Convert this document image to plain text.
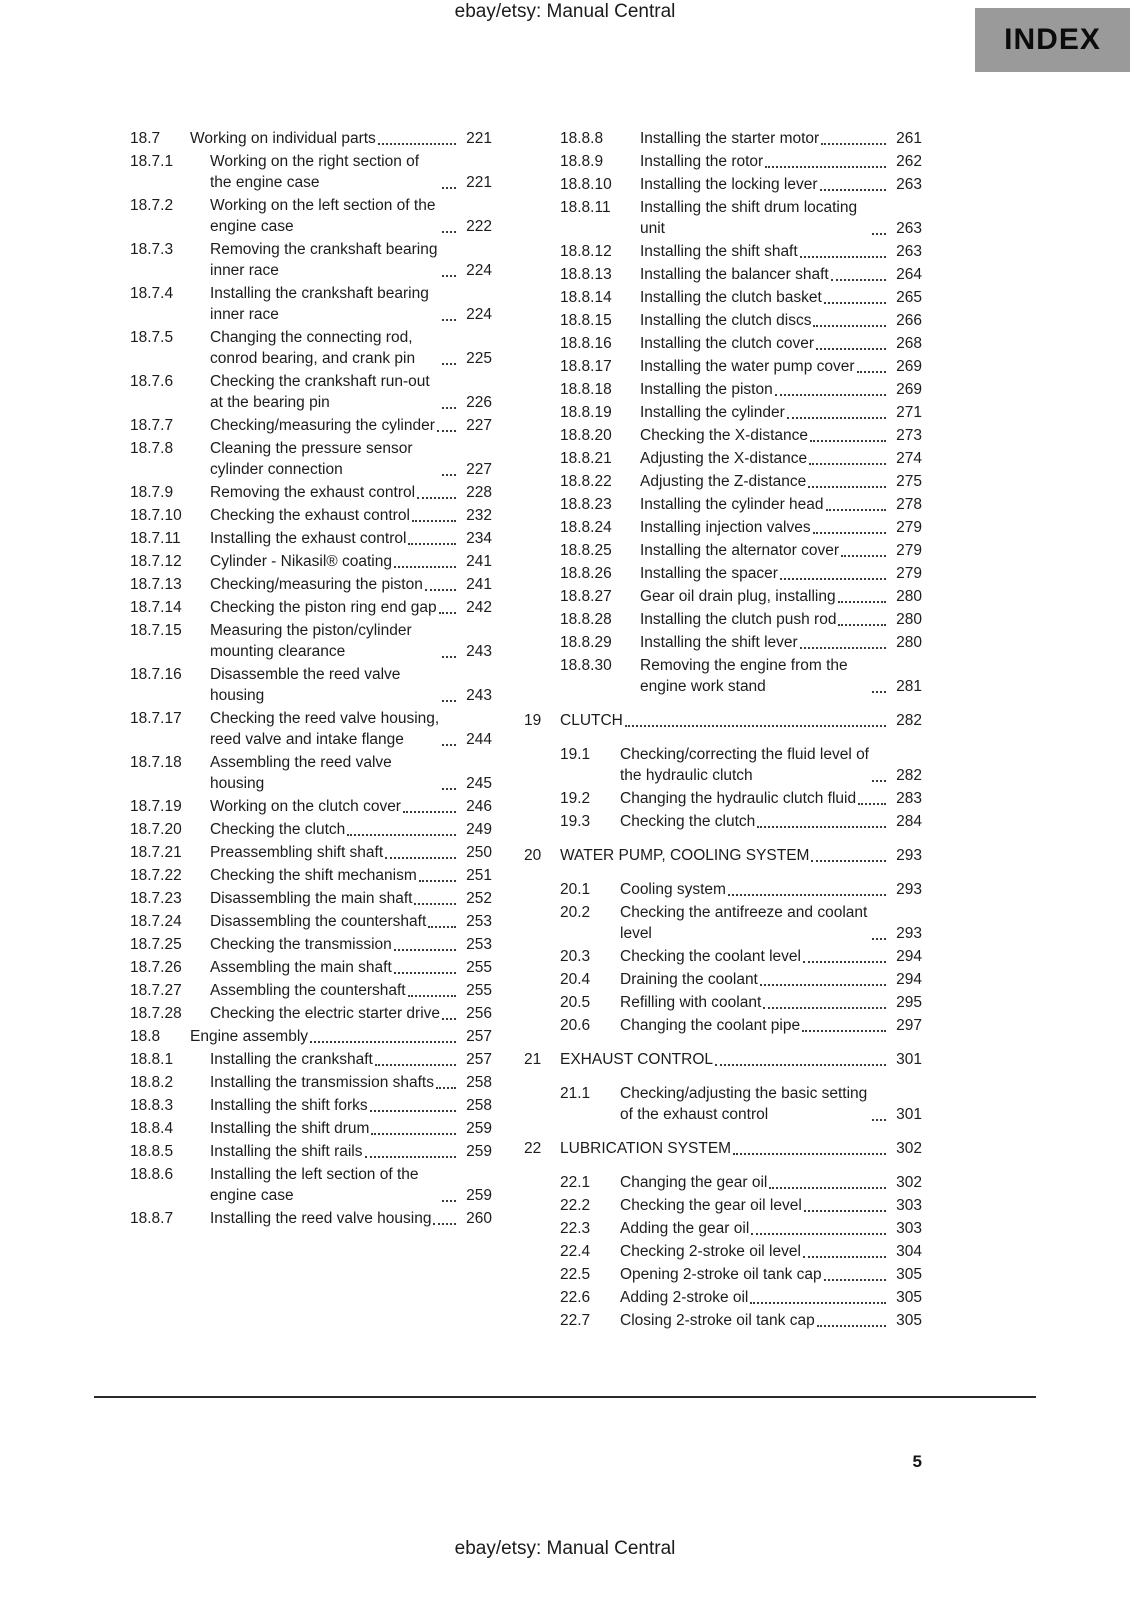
ebay/etsy: Manual Central
INDEX
18.7	Working on individual parts	221
18.7.1	Working on the right section of the engine case	221
18.7.2	Working on the left section of the engine case	222
18.7.3	Removing the crankshaft bearing inner race	224
18.7.4	Installing the crankshaft bearing inner race	224
18.7.5	Changing the connecting rod, conrod bearing, and crank pin	225
18.7.6	Checking the crankshaft run-out at the bearing pin	226
18.7.7	Checking/measuring the cylinder	227
18.7.8	Cleaning the pressure sensor cylinder connection	227
18.7.9	Removing the exhaust control	228
18.7.10	Checking the exhaust control	232
18.7.11	Installing the exhaust control	234
18.7.12	Cylinder - Nikasil® coating	241
18.7.13	Checking/measuring the piston	241
18.7.14	Checking the piston ring end gap	242
18.7.15	Measuring the piston/cylinder mounting clearance	243
18.7.16	Disassemble the reed valve housing	243
18.7.17	Checking the reed valve housing, reed valve and intake flange	244
18.7.18	Assembling the reed valve housing	245
18.7.19	Working on the clutch cover	246
18.7.20	Checking the clutch	249
18.7.21	Preassembling shift shaft	250
18.7.22	Checking the shift mechanism	251
18.7.23	Disassembling the main shaft	252
18.7.24	Disassembling the countershaft	253
18.7.25	Checking the transmission	253
18.7.26	Assembling the main shaft	255
18.7.27	Assembling the countershaft	255
18.7.28	Checking the electric starter drive	256
18.8	Engine assembly	257
18.8.1	Installing the crankshaft	257
18.8.2	Installing the transmission shafts	258
18.8.3	Installing the shift forks	258
18.8.4	Installing the shift drum	259
18.8.5	Installing the shift rails	259
18.8.6	Installing the left section of the engine case	259
18.8.7	Installing the reed valve housing	260
18.8.8	Installing the starter motor	261
18.8.9	Installing the rotor	262
18.8.10	Installing the locking lever	263
18.8.11	Installing the shift drum locating unit	263
18.8.12	Installing the shift shaft	263
18.8.13	Installing the balancer shaft	264
18.8.14	Installing the clutch basket	265
18.8.15	Installing the clutch discs	266
18.8.16	Installing the clutch cover	268
18.8.17	Installing the water pump cover	269
18.8.18	Installing the piston	269
18.8.19	Installing the cylinder	271
18.8.20	Checking the X-distance	273
18.8.21	Adjusting the X-distance	274
18.8.22	Adjusting the Z-distance	275
18.8.23	Installing the cylinder head	278
18.8.24	Installing injection valves	279
18.8.25	Installing the alternator cover	279
18.8.26	Installing the spacer	279
18.8.27	Gear oil drain plug, installing	280
18.8.28	Installing the clutch push rod	280
18.8.29	Installing the shift lever	280
18.8.30	Removing the engine from the engine work stand	281
19	CLUTCH	282
19.1	Checking/correcting the fluid level of the hydraulic clutch	282
19.2	Changing the hydraulic clutch fluid	283
19.3	Checking the clutch	284
20	WATER PUMP, COOLING SYSTEM	293
20.1	Cooling system	293
20.2	Checking the antifreeze and coolant level	293
20.3	Checking the coolant level	294
20.4	Draining the coolant	294
20.5	Refilling with coolant	295
20.6	Changing the coolant pipe	297
21	EXHAUST CONTROL	301
21.1	Checking/adjusting the basic setting of the exhaust control	301
22	LUBRICATION SYSTEM	302
22.1	Changing the gear oil	302
22.2	Checking the gear oil level	303
22.3	Adding the gear oil	303
22.4	Checking 2-stroke oil level	304
22.5	Opening 2-stroke oil tank cap	305
22.6	Adding 2-stroke oil	305
22.7	Closing 2-stroke oil tank cap	305
5
ebay/etsy: Manual Central
